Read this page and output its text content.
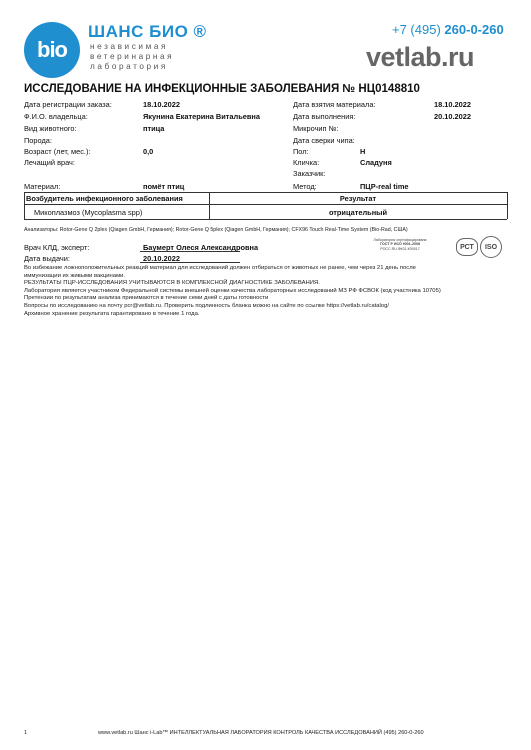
bio
ШАНС БИО ®
независимая
ветеринарная
лаборатория
+7 (495) 260-0-260
vetlab.ru
ИССЛЕДОВАНИЕ НА ИНФЕКЦИОННЫЕ ЗАБОЛЕВАНИЯ № НЦ0148810
Дата регистрации заказа:	18.10.2022
Ф.И.О. владельца:	Якунина Екатерина Витальевна
Вид животного:	птица
Порода:
Возраст (лет, мес.):	0,0
Лечащий врач:
Дата взятия материала:	18.10.2022
Дата выполнения:	20.10.2022
Микрочип №:
Дата сверки чипа:
Пол:	Н
Кличка:	Сладуня
Заказчик:
Материал:	помёт птиц	Метод:	ПЦР-real time
Возбудитель инфекционного заболевания	Результат
Микоплазмоз (Mycoplasma spp)	отрицательный
Анализаторы: Rotor-Gene Q 2plex (Qiagen GmbH, Германия); Rotor-Gene Q 5plex (Qiagen GmbH, Германия); CFX96 Touch Real-Time System (Bio-Rad, США)
Врач КЛД, эксперт:	Баумерт Олеся Александровна
Дата выдачи:	20.10.2022
Лаборатория сертифицирована
ГОСТ Р ИСО 9001-2008
РОСС RU.ФК01.К00017	РСТ	ISO
Во избежание ложноположительных реакций материал для исследований должен отбираться от животных не ранее, чем через 21 день после
иммунизации их живыми вакцинами.
РЕЗУЛЬТАТЫ ПЦР-ИССЛЕДОВАНИЯ УЧИТЫВАЮТСЯ В КОМПЛЕКСНОЙ ДИАГНОСТИКЕ ЗАБОЛЕВАНИЯ.
Лаборатория является участником Федеральной системы внешней оценки качества лабораторных исследований МЗ РФ ФСВОК (код участника 10705)
Претензии по результатам анализа принимаются в течение семи дней с даты готовности
Вопросы по исследованию на почту pcr@vetlab.ru. Проверить подлинность бланка можно на сайте по ссылке https://vetlab.ru/catalog/
Архивное хранение результата гарантировано в течение 1 года.
1	www.vetlab.ru Шанс i-Lab™ ИНТЕЛЛЕКТУАЛЬНАЯ ЛАБОРАТОРИЯ КОНТРОЛЬ КАЧЕСТВА ИССЛЕДОВАНИЙ (495) 260-0-260
